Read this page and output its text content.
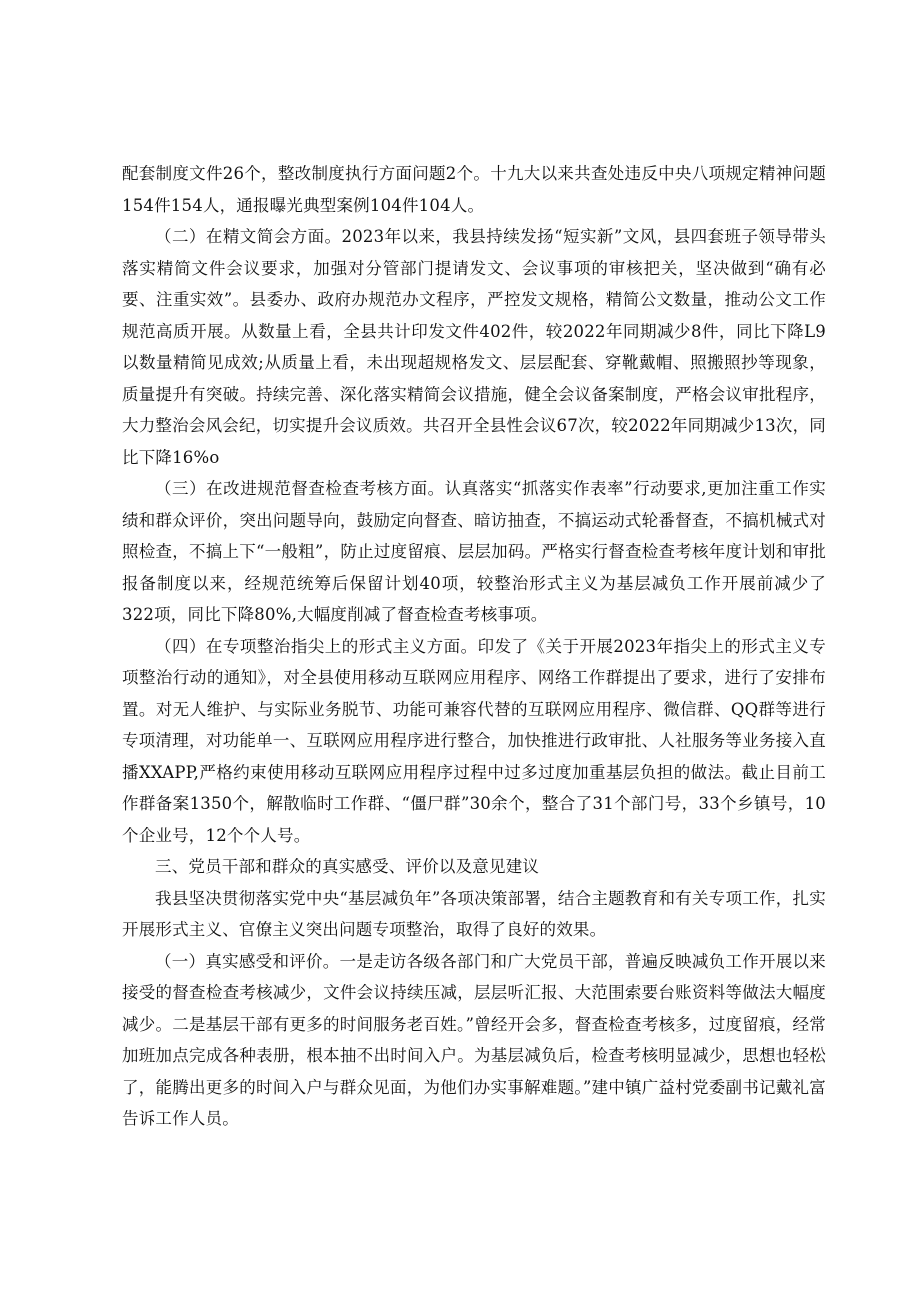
配套制度文件26个，整改制度执行方面问题2个。十九大以来共查处违反中央八项规定精神问题154件154人，通报曝光典型案例104件104人。

（二）在精文简会方面。2023年以来，我县持续发扬“短实新”文风，县四套班子领导带头落实精简文件会议要求，加强对分管部门提请发文、会议事项的审核把关，坚决做到“确有必要、注重实效”。县委办、政府办规范办文程序，严控发文规格，精简公文数量，推动公文工作规范高质开展。从数量上看，全县共计印发文件402件，较2022年同期减少8件，同比下降L9以数量精简见成效;从质量上看，未出现超规格发文、层层配套、穿靴戴帽、照搬照抄等现象，质量提升有突破。持续完善、深化落实精简会议措施，健全会议备案制度，严格会议审批程序，大力整治会风会纪，切实提升会议质效。共召开全县性会议67次，较2022年同期减少13次，同比下降16%o

（三）在改进规范督查检查考核方面。认真落实“抓落实作表率”行动要求,更加注重工作实绩和群众评价，突出问题导向，鼓励定向督查、暗访抽查，不搞运动式轮番督查，不搞机械式对照检查，不搞上下“一般粗”，防止过度留痕、层层加码。严格实行督查检查考核年度计划和审批报备制度以来，经规范统筹后保留计划40项，较整治形式主义为基层减负工作开展前减少了322项，同比下降80%,大幅度削减了督查检查考核事项。

（四）在专项整治指尖上的形式主义方面。印发了《关于开展2023年指尖上的形式主义专项整治行动的通知》，对全县使用移动互联网应用程序、网络工作群提出了要求，进行了安排布置。对无人维护、与实际业务脱节、功能可兼容代替的互联网应用程序、微信群、QQ群等进行专项清理，对功能单一、互联网应用程序进行整合，加快推进行政审批、人社服务等业务接入直播XXAPP,严格约束使用移动互联网应用程序过程中过多过度加重基层负担的做法。截止目前工作群备案1350个，解散临时工作群、“僵尸群”30余个，整合了31个部门号，33个乡镇号，10个企业号，12个个人号。

三、党员干部和群众的真实感受、评价以及意见建议

我县坚决贯彻落实党中央“基层减负年”各项决策部署，结合主题教育和有关专项工作，扎实开展形式主义、官僚主义突出问题专项整治，取得了良好的效果。

（一）真实感受和评价。一是走访各级各部门和广大党员干部，普遍反映减负工作开展以来接受的督查检查考核减少，文件会议持续压减，层层听汇报、大范围索要台账资料等做法大幅度减少。二是基层干部有更多的时间服务老百姓。”曾经开会多，督查检查考核多，过度留痕，经常加班加点完成各种表册，根本抽不出时间入户。为基层减负后，检查考核明显减少，思想也轻松了，能腾出更多的时间入户与群众见面，为他们办实事解难题。”建中镇广益村党委副书记戴礼富告诉工作人员。
